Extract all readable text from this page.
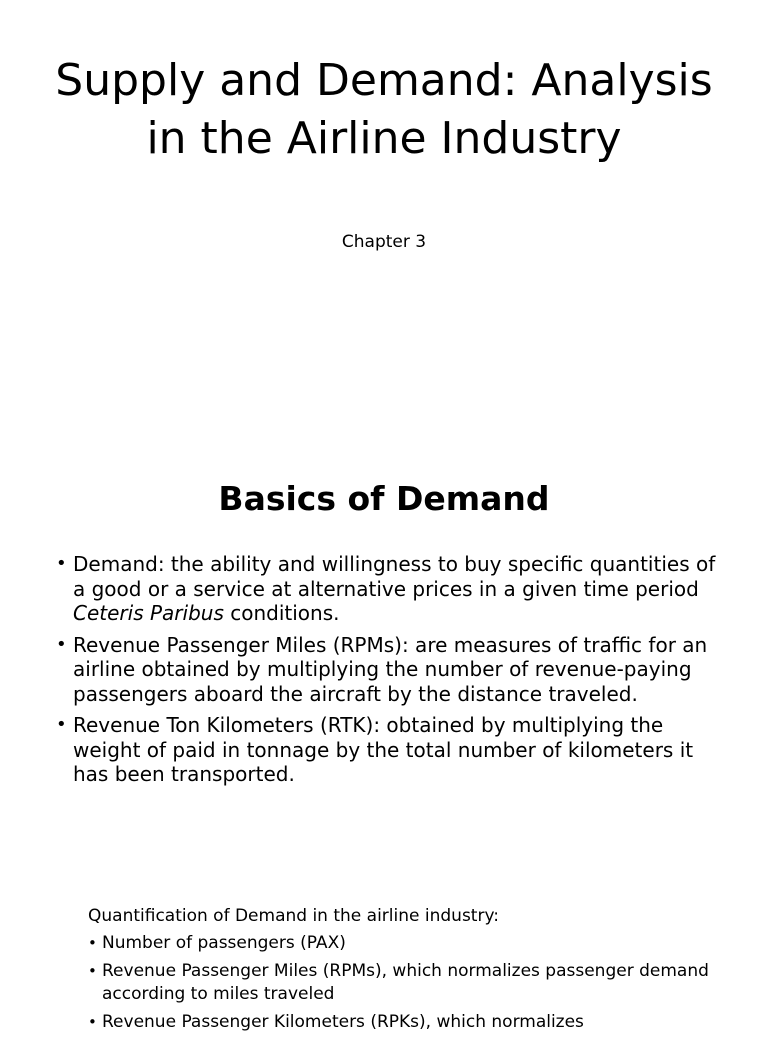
Supply and Demand: Analysis in the Airline Industry

Chapter 3

Basics of Demand
• Demand: the ability and willingness to buy specific quantities of a good or a service at alternative prices in a given time period Ceteris Paribus conditions.
• Revenue Passenger Miles (RPMs): are measures of traffic for an airline obtained by multiplying the number of revenue-paying passengers aboard the aircraft by the distance traveled.
• Revenue Ton Kilometers (RTK): obtained by multiplying the weight of paid in tonnage by the total number of kilometers it has been transported.

Quantification of Demand in the airline industry:

• Number of passengers (PAX)
• Revenue Passenger Miles (RPMs), which normalizes passenger demand according to miles traveled
• Revenue Passenger Kilometers (RPKs), which normalizes
